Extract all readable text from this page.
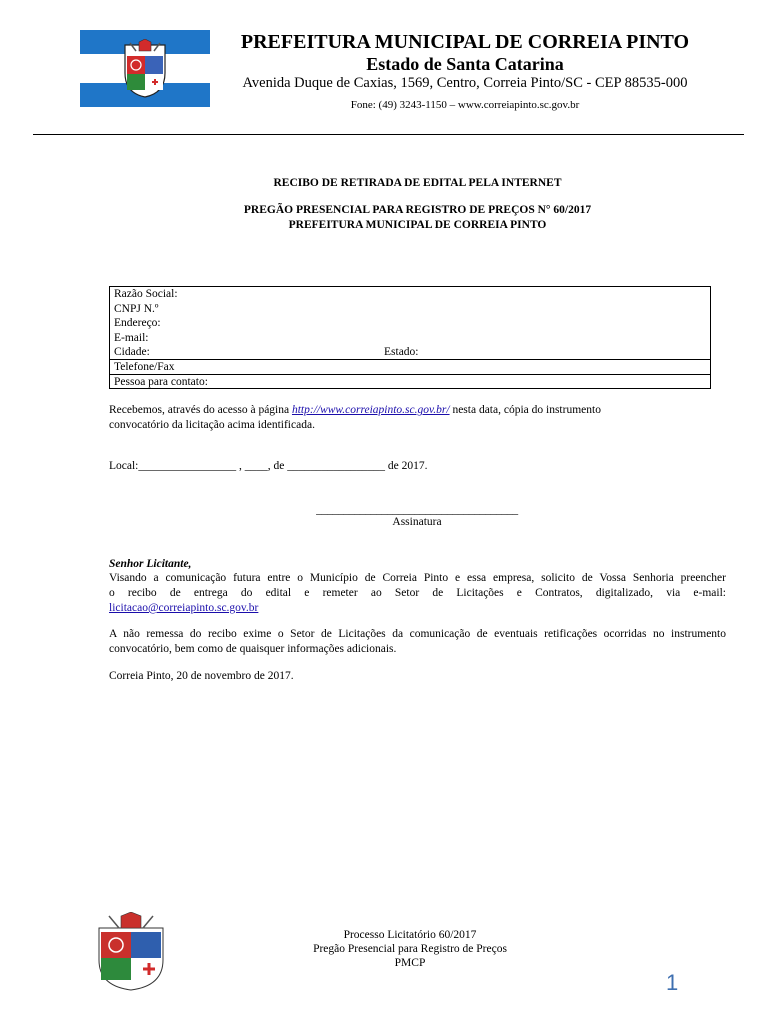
PREFEITURA MUNICIPAL DE CORREIA PINTO
Estado de Santa Catarina
Avenida Duque de Caxias, 1569, Centro, Correia Pinto/SC - CEP 88535-000
Fone: (49) 3243-1150 – www.correiapinto.sc.gov.br
RECIBO DE RETIRADA DE EDITAL PELA INTERNET
PREGÃO PRESENCIAL PARA REGISTRO DE PREÇOS N° 60/2017
PREFEITURA MUNICIPAL DE CORREIA PINTO
Razão Social:
CNPJ N.º
Endereço:
E-mail:
Cidade:	Estado:
Telefone/Fax
Pessoa para contato:
Recebemos, através do acesso à página http://www.correiapinto.sc.gov.br/ nesta data, cópia do instrumento
convocatório da licitação acima identificada.
Local:_________________ , ____, de _________________ de 2017.
_____________________________________
Assinatura
Senhor Licitante,
Visando a comunicação futura entre o Município de Correia Pinto e essa empresa, solicito de Vossa Senhoria preencher
o recibo de entrega do edital e remeter ao Setor de Licitações e Contratos, digitalizado, via e-mail:
licitacao@correiapinto.sc.gov.br
A não remessa do recibo exime o Setor de Licitações da comunicação de eventuais retificações ocorridas no instrumento
convocatório, bem como de quaisquer informações adicionais.
Correia Pinto, 20 de novembro de 2017.
Processo Licitatório 60/2017
Pregão Presencial para Registro de Preços
PMCP
1
